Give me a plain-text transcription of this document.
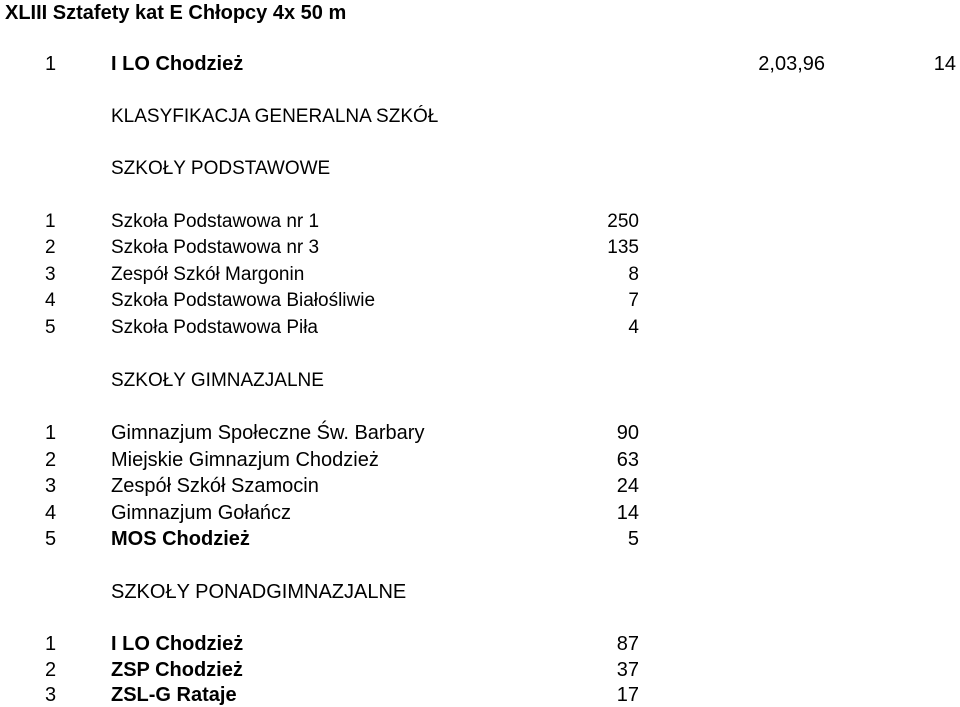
XLIII Sztafety kat E Chłopcy 4x 50 m
1	I LO Chodzież	2,03,96	14
KLASYFIKACJA GENERALNA SZKÓŁ
SZKOŁY PODSTAWOWE
1	Szkoła Podstawowa nr 1	250
2	Szkoła Podstawowa nr 3	135
3	Zespół Szkół Margonin	8
4	Szkoła Podstawowa Białośliwie	7
5	Szkoła Podstawowa Piła	4
SZKOŁY GIMNAZJALNE
1	Gimnazjum Społeczne Św. Barbary	90
2	Miejskie Gimnazjum Chodzież	63
3	Zespół Szkół Szamocin	24
4	Gimnazjum Gołańcz	14
5	MOS Chodzież	5
SZKOŁY PONADGIMNAZJALNE
1	I LO Chodzież	87
2	ZSP Chodzież	37
3	ZSL-G Rataje	17
